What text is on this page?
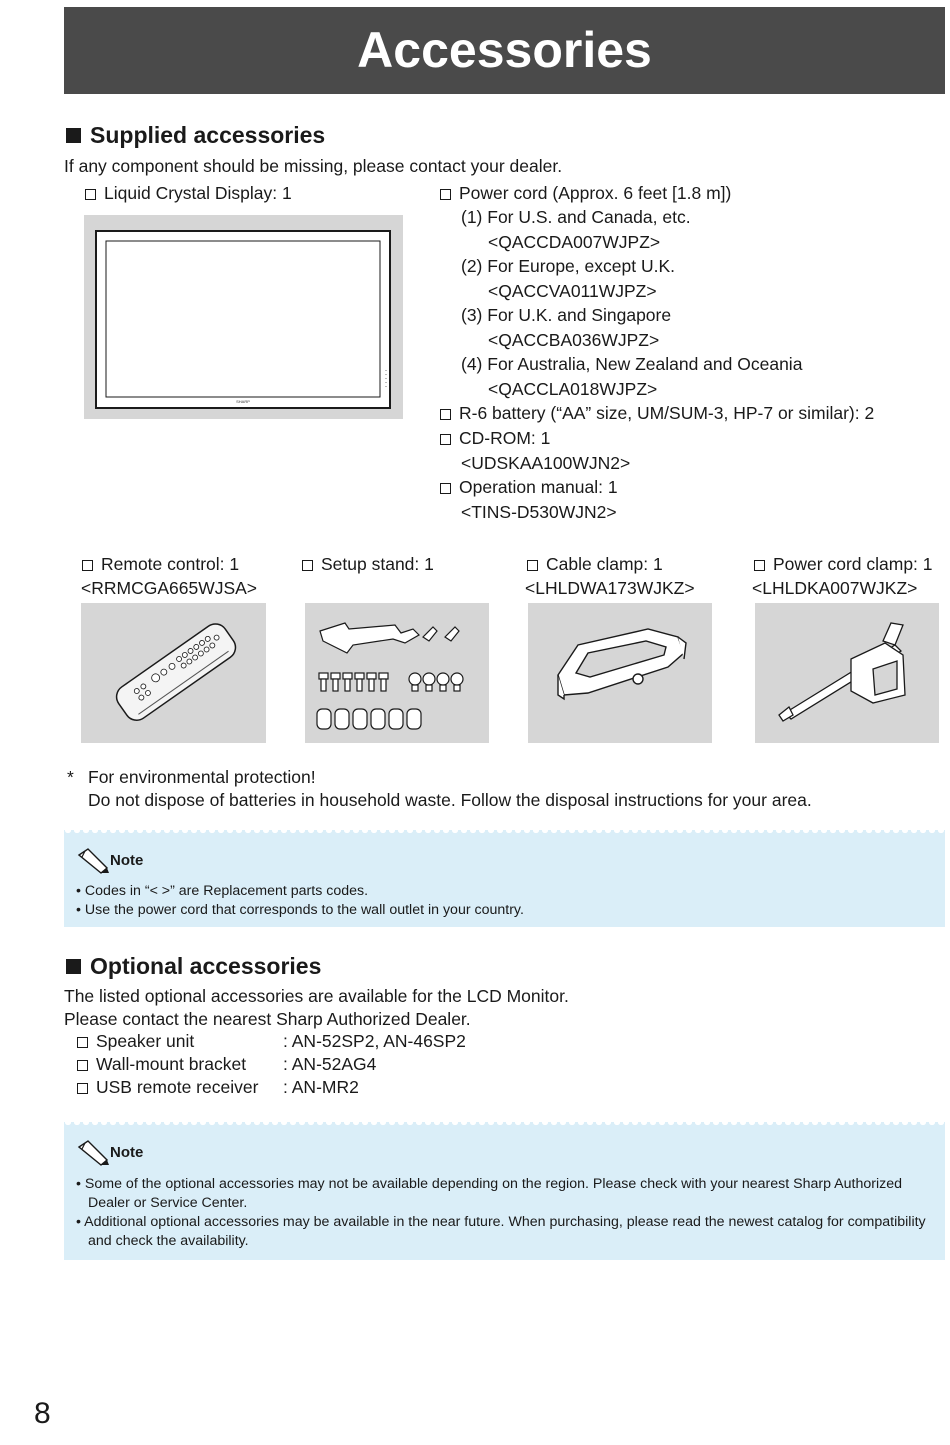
Accessories
Supplied accessories
If any component should be missing, please contact your dealer.
Liquid Crystal Display: 1
SHARP
Power cord (Approx. 6 feet [1.8 m])
(1) For U.S. and Canada, etc.
<QACCDA007WJPZ>
(2) For Europe, except U.K.
<QACCVA011WJPZ>
(3) For U.K. and Singapore
<QACCBA036WJPZ>
(4) For Australia, New Zealand and Oceania
<QACCLA018WJPZ>
R-6 battery (“AA” size, UM/SUM-3, HP-7 or similar): 2
CD-ROM: 1
<UDSKAA100WJN2>
Operation manual: 1
<TINS-D530WJN2>
Remote control: 1
<RRMCGA665WJSA>
Setup stand: 1	Cable clamp: 1
<LHLDWA173WJKZ>
Power cord clamp: 1
<LHLDKA007WJKZ>
* For environmental protection!
Do not dispose of batteries in household waste. Follow the disposal instructions for your area.
Note
• Codes in “< >” are Replacement parts codes.
• Use the power cord that corresponds to the wall outlet in your country.
Optional accessories
The listed optional accessories are available for the LCD Monitor.
Please contact the nearest Sharp Authorized Dealer.
Speaker unit	: AN-52SP2, AN-46SP2
Wall-mount bracket : AN-52AG4
USB remote receiver : AN-MR2
Note
• Some of the optional accessories may not be available depending on the region. Please check with your nearest Sharp Authorized Dealer or Service Center.
• Additional optional accessories may be available in the near future. When purchasing, please read the newest catalog for compatibility and check the availability.
8
